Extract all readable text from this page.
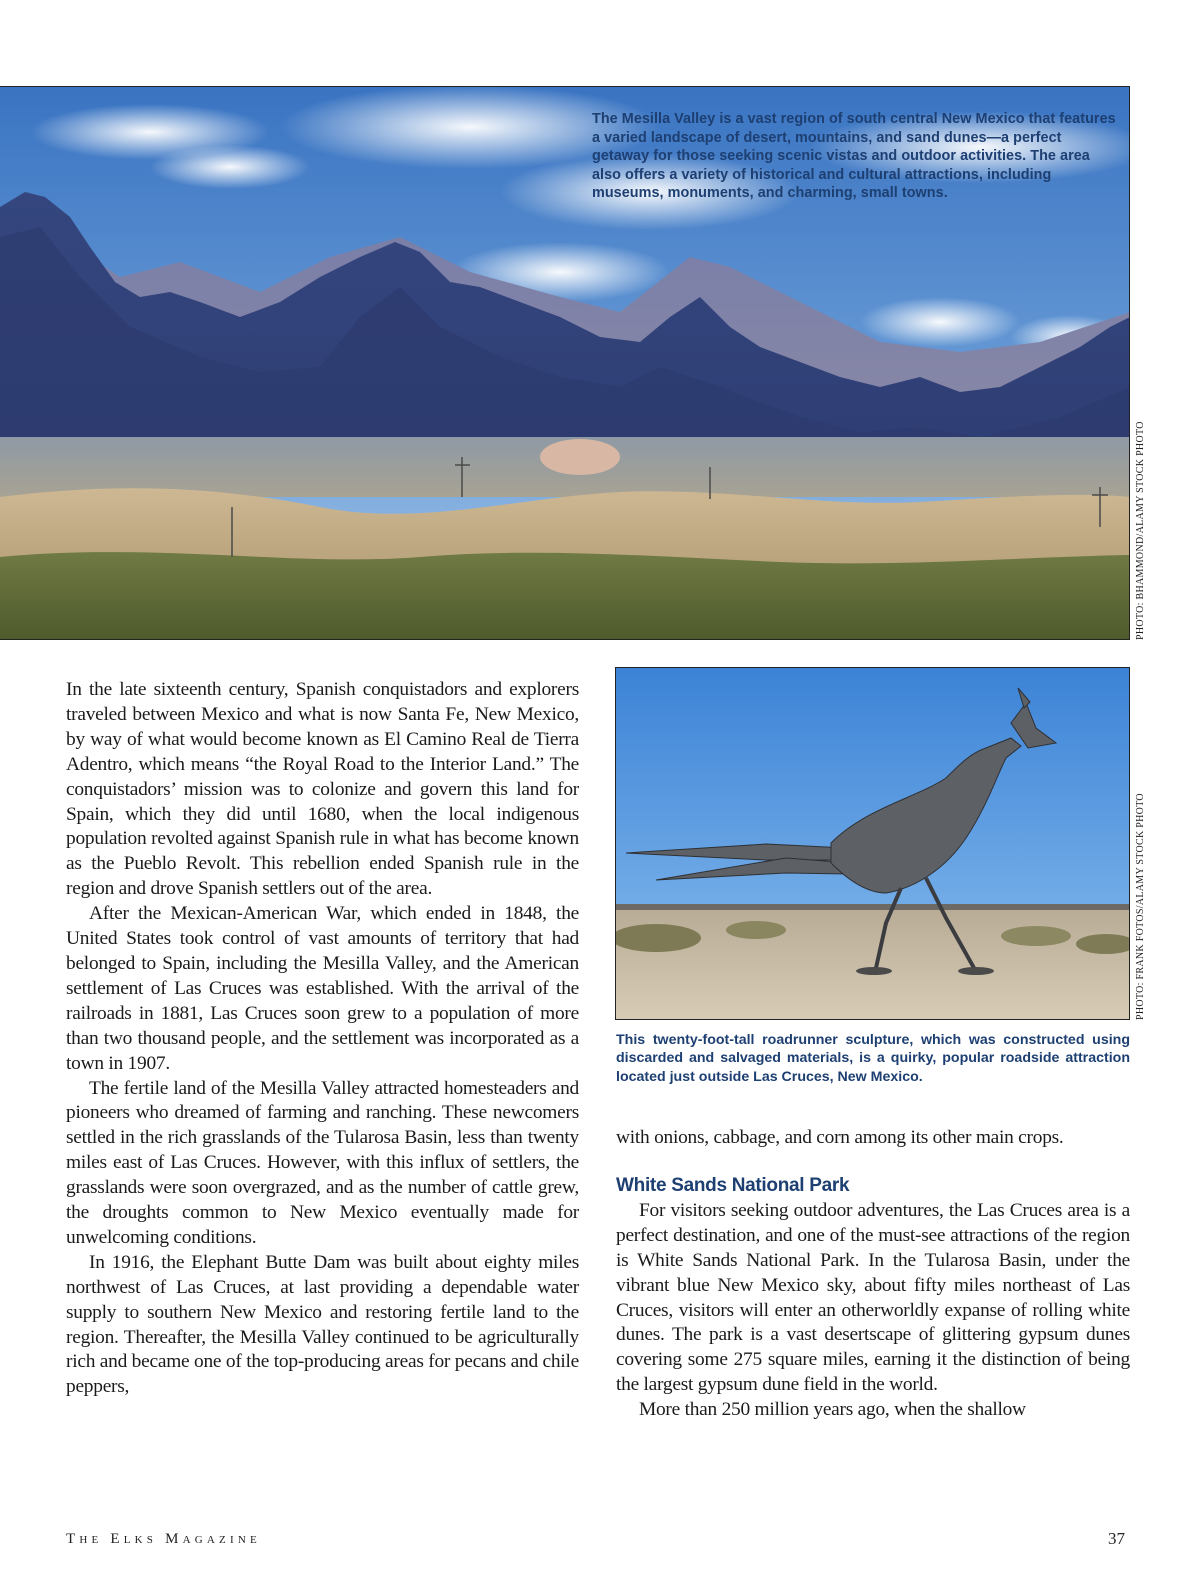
The Mesilla Valley is a vast region of south central New Mexico that features a varied landscape of desert, mountains, and sand dunes—a perfect getaway for those seeking scenic vistas and outdoor activities. The area also offers a variety of historical and cultural attractions, including museums, monuments, and charming, small towns.
PHOTO: BHAMMOND/ALAMY STOCK PHOTO
PHOTO: FRANK FOTOS/ALAMY STOCK PHOTO
This twenty-foot-tall roadrunner sculpture, which was constructed using discarded and salvaged materials, is a quirky, popular roadside attraction located just outside Las Cruces, New Mexico.

In the late sixteenth century, Spanish conquistadors and explorers traveled between Mexico and what is now Santa Fe, New Mexico, by way of what would become known as El Camino Real de Tierra Adentro, which means “the Royal Road to the Interior Land.” The conquistadors’ mission was to colonize and govern this land for Spain, which they did until 1680, when the local indigenous population revolted against Spanish rule in what has become known as the Pueblo Revolt. This rebellion ended Spanish rule in the region and drove Spanish settlers out of the area.

After the Mexican-American War, which ended in 1848, the United States took control of vast amounts of territory that had belonged to Spain, including the Mesilla Valley, and the American settlement of Las Cruces was established. With the arrival of the railroads in 1881, Las Cruces soon grew to a population of more than two thousand people, and the settlement was incorporated as a town in 1907.

The fertile land of the Mesilla Valley attracted homesteaders and pioneers who dreamed of farming and ranching. These newcomers settled in the rich grasslands of the Tularosa Basin, less than twenty miles east of Las Cruces. However, with this influx of settlers, the grasslands were soon overgrazed, and as the number of cattle grew, the droughts common to New Mexico eventually made for unwelcoming conditions.

In 1916, the Elephant Butte Dam was built about eighty miles northwest of Las Cruces, at last providing a dependable water supply to southern New Mexico and restoring fertile land to the region. Thereafter, the Mesilla Valley continued to be agriculturally rich and became one of the top-producing areas for pecans and chile peppers,

with onions, cabbage, and corn among its other main crops.

White Sands National Park

For visitors seeking outdoor adventures, the Las Cruces area is a perfect destination, and one of the must-see attractions of the region is White Sands National Park. In the Tularosa Basin, under the vibrant blue New Mexico sky, about fifty miles northeast of Las Cruces, visitors will enter an otherworldly expanse of rolling white dunes. The park is a vast desertscape of glittering gypsum dunes covering some 275 square miles, earning it the distinction of being the largest gypsum dune field in the world.

More than 250 million years ago, when the shallow

The Elks Magazine	37
